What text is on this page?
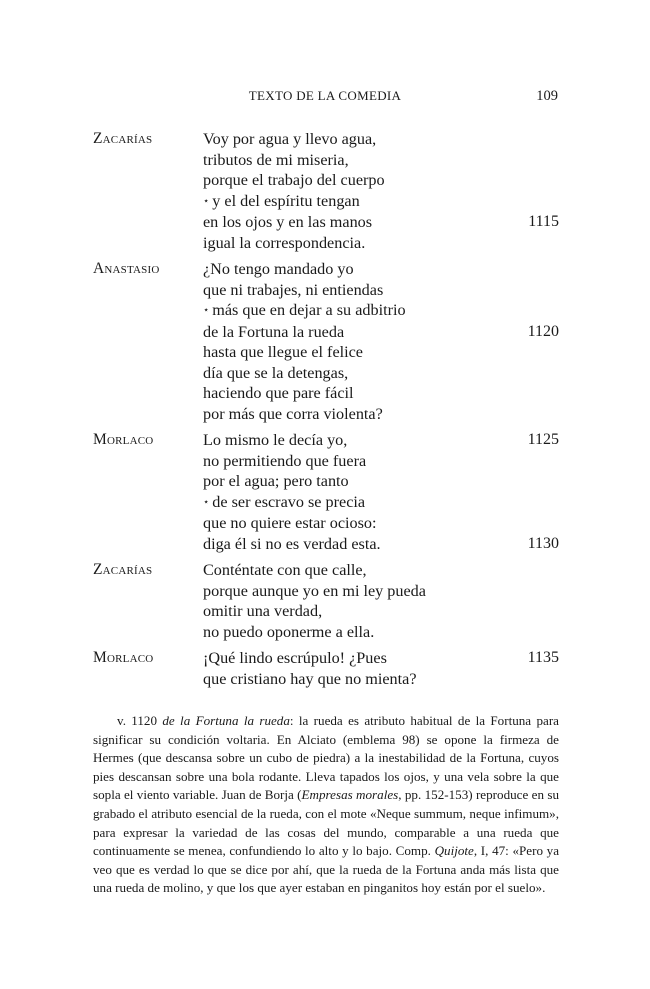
TEXTO DE LA COMEDIA	109
Zacarías	Voy por agua y llevo agua,
tributos de mi miseria,
porque el trabajo del cuerpo
⋆ y el del espíritu tengan
en los ojos y en las manos	1115
igual la correspondencia.
Anastasio	¿No tengo mandado yo
que ni trabajes, ni entiendas
⋆ más que en dejar a su adbitrio
de la Fortuna la rueda	1120
hasta que llegue el felice
día que se la detengas,
haciendo que pare fácil
por más que corra violenta?
Morlaco	Lo mismo le decía yo,	1125
no permitiendo que fuera
por el agua; pero tanto
⋆ de ser escravo se precia
que no quiere estar ocioso:
diga él si no es verdad esta.	1130
Zacarías	Conténtate con que calle,
porque aunque yo en mi ley pueda
omitir una verdad,
no puedo oponerme a ella.
Morlaco	¡Qué lindo escrúpulo! ¿Pues	1135
que cristiano hay que no mienta?

v. 1120 de la Fortuna la rueda: la rueda es atributo habitual de la Fortuna para significar su condición voltaria. En Alciato (emblema 98) se opone la firmeza de Hermes (que descansa sobre un cubo de piedra) a la inestabilidad de la Fortuna, cuyos pies descansan sobre una bola rodante. Lleva tapados los ojos, y una vela sobre la que sopla el viento variable. Juan de Borja (Empresas morales, pp. 152-153) reproduce en su grabado el atributo esencial de la rueda, con el mote «Neque summum, neque infimum», para expresar la variedad de las cosas del mundo, comparable a una rueda que continuamente se menea, confundiendo lo alto y lo bajo. Comp. Quijote, I, 47: «Pero ya veo que es verdad lo que se dice por ahí, que la rueda de la Fortuna anda más lista que una rueda de molino, y que los que ayer estaban en pinganitos hoy están por el suelo».
